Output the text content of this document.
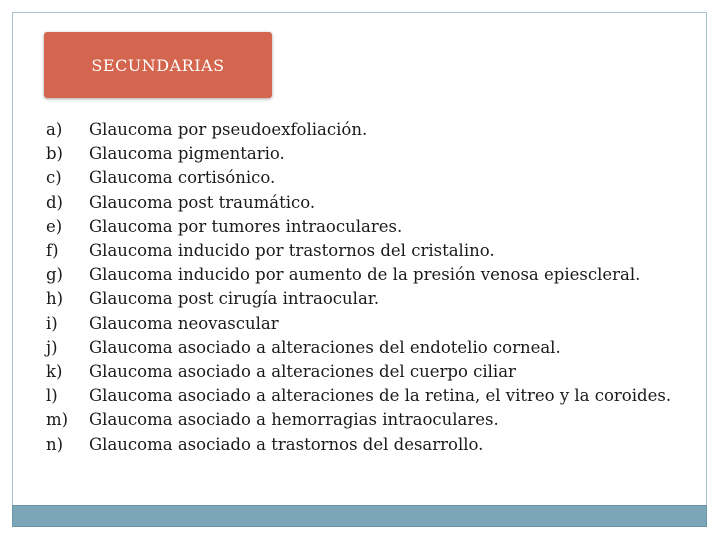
SECUNDARIAS
a)	Glaucoma por pseudoexfoliación.
b)	Glaucoma pigmentario.
c)	Glaucoma cortisónico.
d)	Glaucoma post traumático.
e)	Glaucoma por tumores intraoculares.
f)	Glaucoma inducido por trastornos del cristalino.
g)	Glaucoma inducido por aumento de la presión venosa epiescleral.
h)	Glaucoma post cirugía intraocular.
i)	Glaucoma neovascular
j)	Glaucoma asociado a alteraciones del endotelio corneal.
k)	Glaucoma asociado a alteraciones del cuerpo ciliar
l)	Glaucoma asociado a alteraciones de la retina, el vitreo y la coroides.
m)	Glaucoma asociado a hemorragias intraoculares.
n)	Glaucoma asociado a trastornos del desarrollo.
